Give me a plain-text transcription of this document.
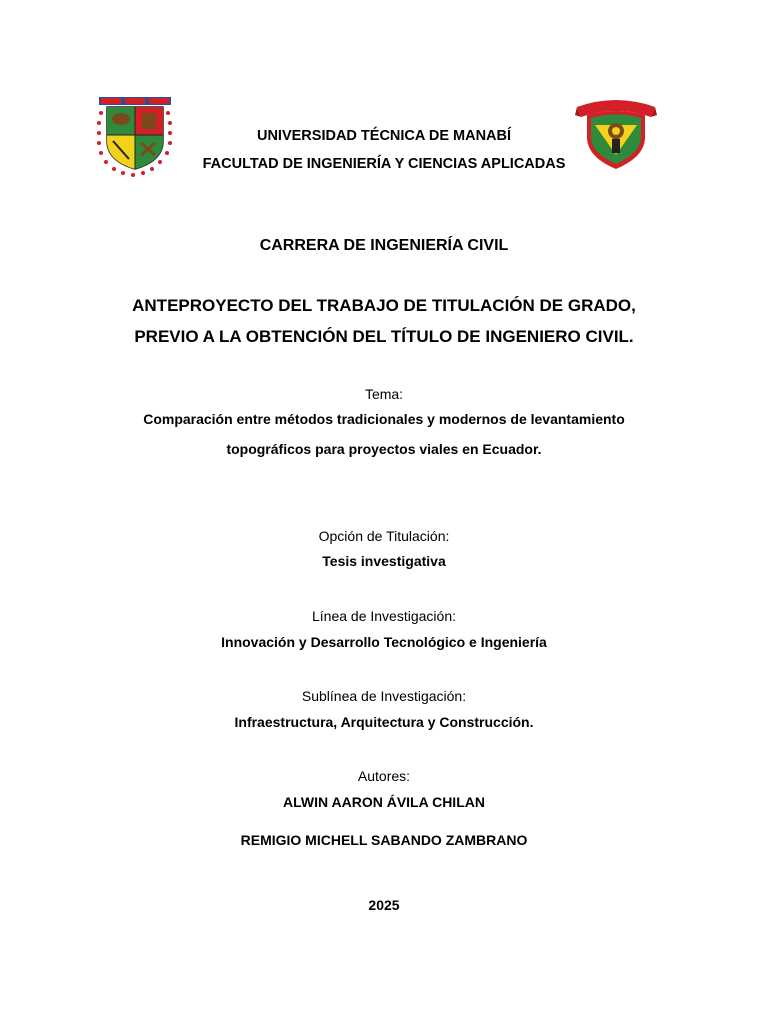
UNIVERSIDAD TÉCNICA DE MANABÍ
FACULTAD DE INGENIERÍA Y CIENCIAS APLICADAS
CARRERA DE INGENIERÍA CIVIL
ANTEPROYECTO DEL TRABAJO DE TITULACIÓN DE GRADO,
PREVIO A LA OBTENCIÓN DEL TÍTULO DE INGENIERO CIVIL.
Tema:
Comparación entre métodos tradicionales y modernos de levantamiento
topográficos para proyectos viales en Ecuador.
Opción de Titulación:
Tesis investigativa
Línea de Investigación:
Innovación y Desarrollo Tecnológico e Ingeniería
Sublínea de Investigación:
Infraestructura, Arquitectura y Construcción.
Autores:
ALWIN AARON ÁVILA CHILAN
REMIGIO MICHELL SABANDO ZAMBRANO
2025
